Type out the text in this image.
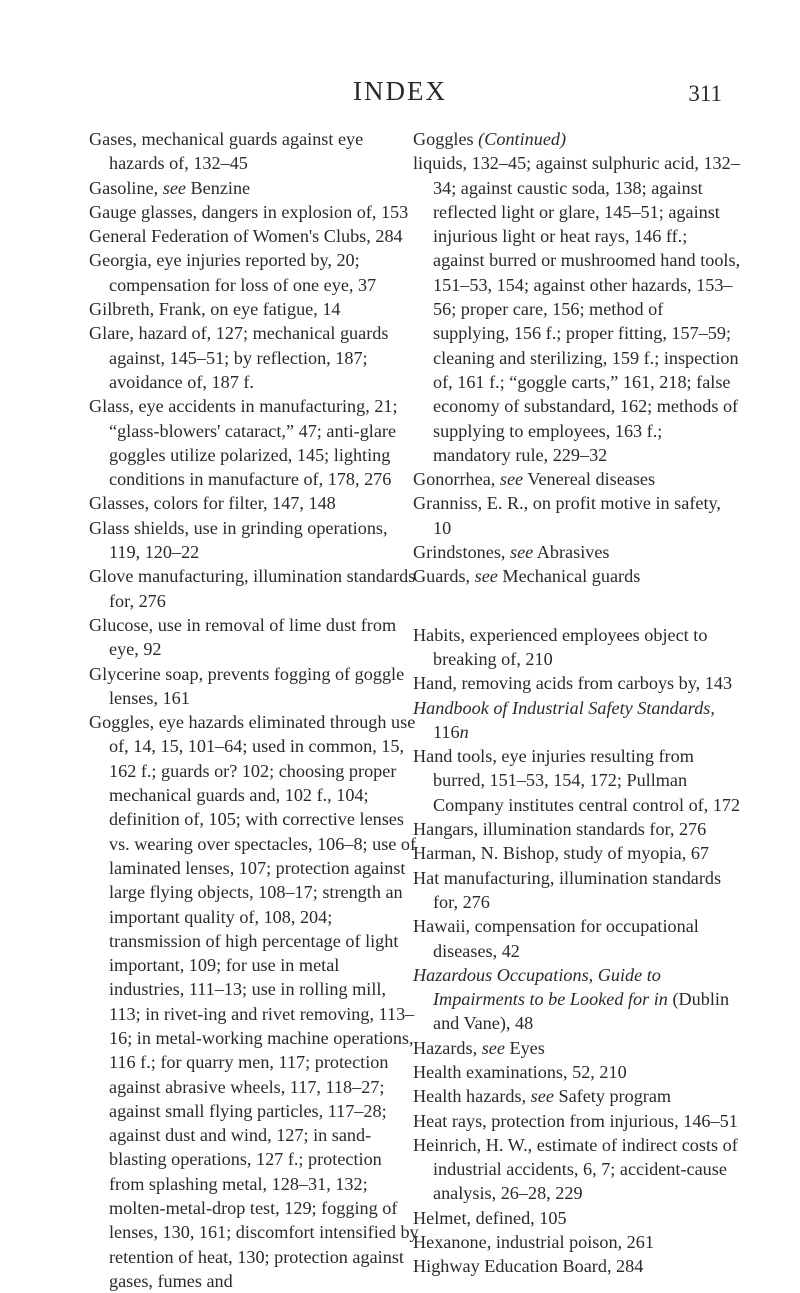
INDEX	311

Gases, mechanical guards against eye hazards of, 132–45

Gasoline, see Benzine

Gauge glasses, dangers in explosion of, 153

General Federation of Women's Clubs, 284

Georgia, eye injuries reported by, 20; compensation for loss of one eye, 37

Gilbreth, Frank, on eye fatigue, 14

Glare, hazard of, 127; mechanical guards against, 145–51; by reflection, 187; avoidance of, 187 f.

Glass, eye accidents in manufacturing, 21; “glass-blowers' cataract,” 47; anti-glare goggles utilize polarized, 145; lighting conditions in manufacture of, 178, 276

Glasses, colors for filter, 147, 148

Glass shields, use in grinding operations, 119, 120–22

Glove manufacturing, illumination standards for, 276

Glucose, use in removal of lime dust from eye, 92

Glycerine soap, prevents fogging of goggle lenses, 161

Goggles, eye hazards eliminated through use of, 14, 15, 101–64; used in common, 15, 162 f.; guards or? 102; choosing proper mechanical guards and, 102 f., 104; definition of, 105; with corrective lenses vs. wearing over spectacles, 106–8; use of laminated lenses, 107; protection against large flying objects, 108–17; strength an important quality of, 108, 204; transmission of high percentage of light important, 109; for use in metal industries, 111–13; use in rolling mill, 113; in rivet-ing and rivet removing, 113–16; in metal-working machine operations, 116 f.; for quarry men, 117; protection against abrasive wheels, 117, 118–27; against small flying particles, 117–28; against dust and wind, 127; in sand-blasting operations, 127 f.; protection from splashing metal, 128–31, 132; molten-metal-drop test, 129; fogging of lenses, 130, 161; discomfort intensified by retention of heat, 130; protection against gases, fumes and

Goggles (Continued)

liquids, 132–45; against sulphuric acid, 132–34; against caustic soda, 138; against reflected light or glare, 145–51; against injurious light or heat rays, 146 ff.; against burred or mushroomed hand tools, 151–53, 154; against other hazards, 153–56; proper care, 156; method of supplying, 156 f.; proper fitting, 157–59; cleaning and sterilizing, 159 f.; inspection of, 161 f.; “goggle carts,” 161, 218; false economy of substandard, 162; methods of supplying to employees, 163 f.; mandatory rule, 229–32

Gonorrhea, see Venereal diseases

Granniss, E. R., on profit motive in safety, 10

Grindstones, see Abrasives

Guards, see Mechanical guards

Habits, experienced employees object to breaking of, 210

Hand, removing acids from carboys by, 143

Handbook of Industrial Safety Standards, 116n

Hand tools, eye injuries resulting from burred, 151–53, 154, 172; Pullman Company institutes central control of, 172

Hangars, illumination standards for, 276

Harman, N. Bishop, study of myopia, 67

Hat manufacturing, illumination standards for, 276

Hawaii, compensation for occupational diseases, 42

Hazardous Occupations, Guide to Impairments to be Looked for in (Dublin and Vane), 48

Hazards, see Eyes

Health examinations, 52, 210

Health hazards, see Safety program

Heat rays, protection from injurious, 146–51

Heinrich, H. W., estimate of indirect costs of industrial accidents, 6, 7; accident-cause analysis, 26–28, 229

Helmet, defined, 105

Hexanone, industrial poison, 261

Highway Education Board, 284
